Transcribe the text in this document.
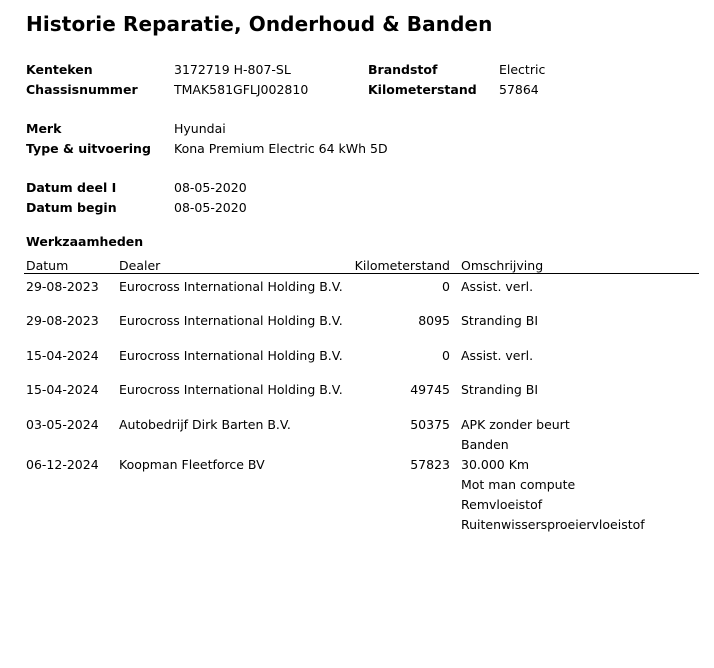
Historie Reparatie, Onderhoud & Banden
Kenteken	3172719 H-807-SL	Brandstof	Electric
Chassisnummer	TMAK581GFLJ002810	Kilometerstand 57864
Merk	Hyundai
Type & uitvoering Kona Premium Electric 64 kWh 5D
Datum deel I	08-05-2020
Datum begin	08-05-2020
Werkzaamheden
Datum	Dealer	Kilometerstand Omschrijving
29-08-2023 Eurocross International Holding B.V.	0 Assist. verl.
29-08-2023 Eurocross International Holding B.V.	8095 Stranding BI
15-04-2024 Eurocross International Holding B.V.	0 Assist. verl.
15-04-2024 Eurocross International Holding B.V.	49745 Stranding BI
03-05-2024 Autobedrijf Dirk Barten B.V.	50375 APK zonder beurt
Banden
06-12-2024 Koopman Fleetforce BV	57823 30.000 Km
Mot man compute
Remvloeistof
Ruitenwissersproeiervloeistof
